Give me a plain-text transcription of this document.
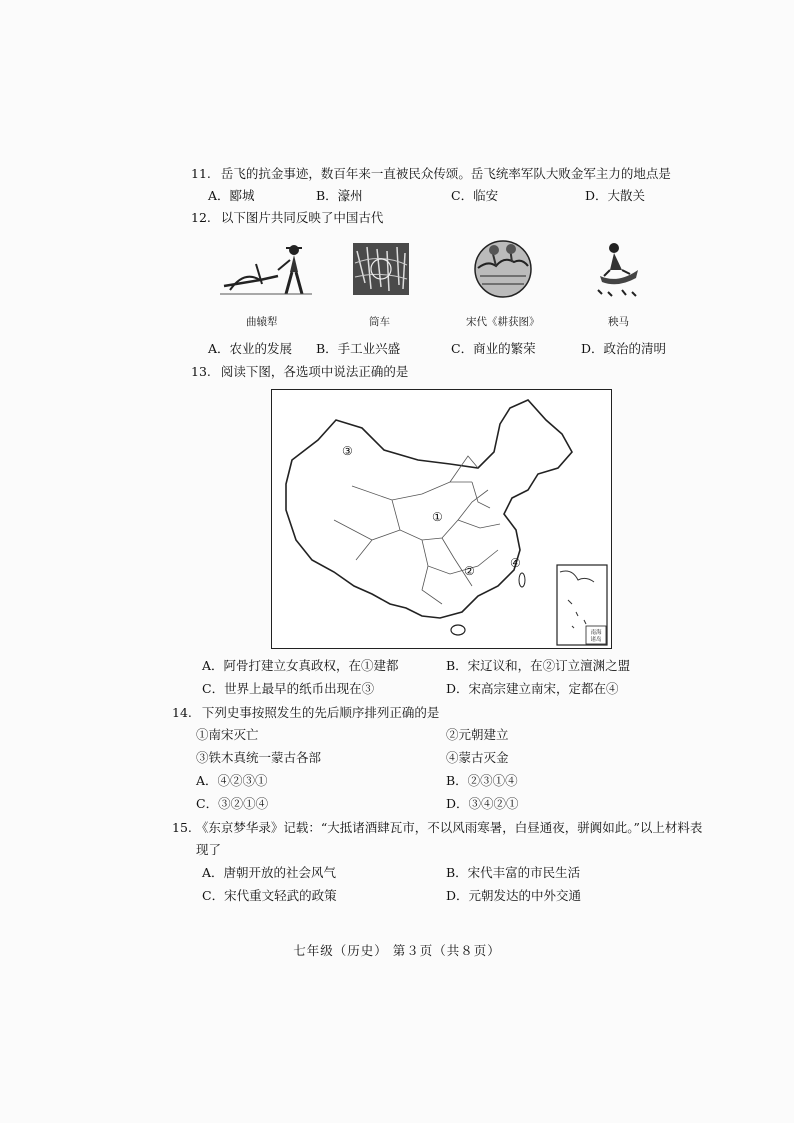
11. 岳飞的抗金事迹，数百年来一直被民众传颂。岳飞统率军队大败金军主力的地点是
A．郾城	B．濠州	C．临安	D．大散关
12. 以下图片共同反映了中国古代
曲辕犁	筒车	宋代《耕获图》	秧马
A．农业的发展 B．手工业兴盛	C．商业的繁荣	D．政治的清明
13. 阅读下图，各选项中说法正确的是
南海
诸岛
③
①
②
④
A．阿骨打建立女真政权，在①建都	B．宋辽议和，在②订立澶渊之盟
C．世界上最早的纸币出现在③	D．宋高宗建立南宋，定都在④
14. 下列史事按照发生的先后顺序排列正确的是
①南宋灭亡	②元朝建立
③铁木真统一蒙古各部	④蒙古灭金
A．④②③①	B．②③①④
C．③②①④	D．③④②①
15. 《东京梦华录》记载：“大抵诸酒肆瓦市，不以风雨寒暑，白昼通夜，骈阗如此。”以上材料表
现了
A．唐朝开放的社会风气	B．宋代丰富的市民生活
C．宋代重文轻武的政策	D．元朝发达的中外交通
七年级（历史） 第３页（共８页）
